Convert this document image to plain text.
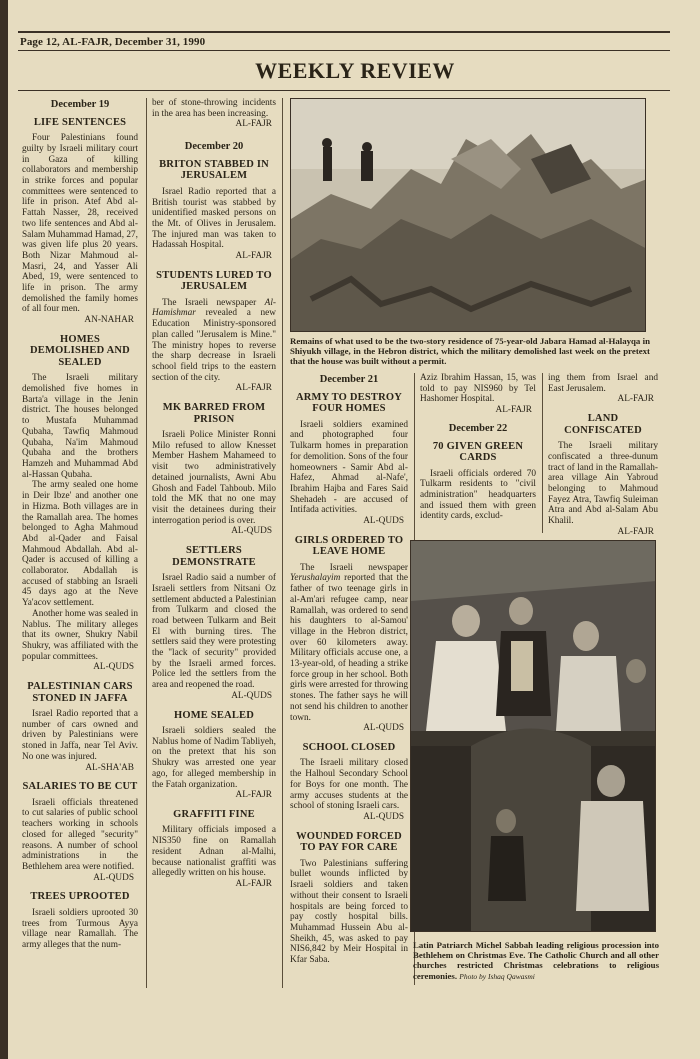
Page 12, AL-FAJR, December 31, 1990
WEEKLY REVIEW
December 19
LIFE SENTENCES

Four Palestinians found guilty by Israeli military court in Gaza of killing collaborators and membership in strike forces and popular committees were sentenced to life in prison. Atef Abd al-Fattah Nasser, 28, received two life sentences and Abd al-Salam Muhammad Hamad, 27, was given life plus 20 years. Both Nizar Mahmoud al-Masri, 24, and Yasser Ali Abed, 19, were sentenced to life in prison. The army demolished the family homes of all four men.

AN-NAHAR
HOMES DEMOLISHED AND SEALED

The Israeli military demolished five homes in Barta'a village in the Jenin district. The houses belonged to Mustafa Muhammad Qubaha, Tawfiq Mahmoud Qubaha, Na'im Mahmoud Qubaha and the brothers Hamzeh and Muhammad Abd al-Hassan Qubaha.

The army sealed one home in Deir Ibze' and another one in Hizma. Both villages are in the Ramallah area. The homes belonged to Agha Mahmoud Abd al-Qader and Faisal Mahmoud Abdallah. Abd al-Qader is accused of killing a collaborator. Abdallah is accused of stabbing an Israeli 45 days ago at the Neve Ya'acov settlement.

Another home was sealed in Nablus. The military alleges that its owner, Shukry Nabil Shukry, was affiliated with the popular committees.

AL-QUDS
PALESTINIAN CARS STONED IN JAFFA

Israel Radio reported that a number of cars owned and driven by Palestinians were stoned in Jaffa, near Tel Aviv. No one was injured.

AL-SHA'AB
SALARIES TO BE CUT

Israeli officials threatened to cut salaries of public school teachers working in schools closed for alleged "security" reasons. A number of school administrations in the Bethlehem area were notified.

AL-QUDS
TREES UPROOTED

Israeli soldiers uprooted 30 trees from Turmous Ayya village near Ramallah. The army alleges that the num-

ber of stone-throwing incidents in the area has been increasing.

AL-FAJR
December 20
BRITON STABBED IN JERUSALEM

Israel Radio reported that a British tourist was stabbed by unidentified masked persons on the Mt. of Olives in Jerusalem. The injured man was taken to Hadassah Hospital.

AL-FAJR
STUDENTS LURED TO JERUSALEM

The Israeli newspaper Al-Hamishmar revealed a new Education Ministry-sponsored plan called "Jerusalem is Mine." The ministry hopes to reverse the sharp decrease in Israeli school field trips to the eastern section of the city.

AL-FAJR
MK BARRED FROM PRISON

Israeli Police Minister Ronni Milo refused to allow Knesset Member Hashem Mahameed to visit two administratively detained journalists, Awni Abu Ghosh and Fadel Tahboub. Milo told the MK that no one may visit the detainees during their interrogation period is over.

AL-QUDS
SETTLERS DEMONSTRATE

Israel Radio said a number of Israeli settlers from Nitsani Oz settlement abducted a Palestinian from Tulkarm and closed the road between Tulkarm and Beit El with burning tires. The settlers said they were protesting the "lack of security" provided by the Israeli armed forces. Police led the settlers from the area and reopened the road.

AL-QUDS
HOME SEALED

Israeli soldiers sealed the Nablus home of Nadim Tabliyeh, on the pretext that his son Shukry was arrested one year ago, for alleged membership in the Fatah organization.

AL-FAJR
GRAFFITI FINE

Military officials imposed a NIS350 fine on Ramallah resident Adnan al-Malhi, because nationalist graffiti was allegedly written on his house.

AL-FAJR
Remains of what used to be the two-story residence of 75-year-old Jabara Hamad al-Halayqa in Shiyukh village, in the Hebron district, which the military demolished last week on the pretext that the house was built without a permit.
December 21
ARMY TO DESTROY FOUR HOMES

Israeli soldiers examined and photographed four Tulkarm homes in preparation for demolition. Sons of the four homeowners - Samir Abd al-Hafez, Ahmad al-Nafe', Ibrahim Hajba and Fares Said Shehadeh - are accused of Intifada activities.

AL-QUDS
GIRLS ORDERED TO LEAVE HOME

The Israeli newspaper Yerushalayim reported that the father of two teenage girls in al-Am'ari refugee camp, near Ramallah, was ordered to send his daughters to al-Samou' village in the Hebron district, over 60 kilometers away. Military officials accuse one, a 13-year-old, of heading a strike force group in her school. Both girls were arrested for throwing stones. The father says he will not send his children to another town.

AL-QUDS
SCHOOL CLOSED

The Israeli military closed the Halhoul Secondary School for Boys for one month. The army accuses students at the school of stoning Israeli cars.

AL-QUDS
WOUNDED FORCED TO PAY FOR CARE

Two Palestinians suffering bullet wounds inflicted by Israeli soldiers and taken without their consent to Israeli hospitals are being forced to pay costly hospital bills. Muhammad Hussein Abu al-Sheikh, 45, was asked to pay NIS6,842 by Meir Hospital in Kfar Saba.

Aziz Ibrahim Hassan, 15, was told to pay NIS960 by Tel Hashomer Hospital.

AL-FAJR
December 22
70 GIVEN GREEN CARDS

Israeli officials ordered 70 Tulkarm residents to "civil administration" headquarters and issued them with green identity cards, exclud-

ing them from Israel and East Jerusalem.

AL-FAJR
LAND CONFISCATED

The Israeli military confiscated a three-dunum tract of land in the Ramallah-area village Ain Yabroud belonging to Mahmoud Fayez Atra, Tawfiq Suleiman Atra and Abd al-Salam Abu Khalil.

AL-FAJR
Latin Patriarch Michel Sabbah leading religious procession into Bethlehem on Christmas Eve. The Catholic Church and all other churches restricted Christmas celebrations to religious ceremonies. Photo by Ishaq Qawasmi
